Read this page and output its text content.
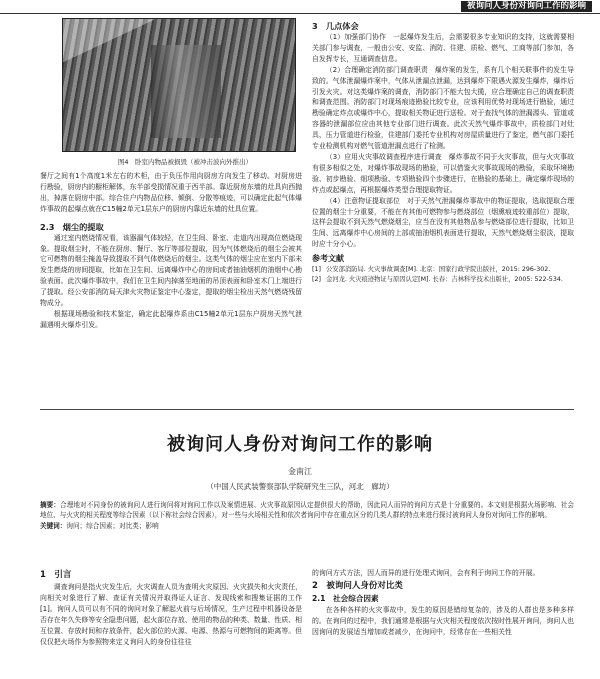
被询问人身份对询问工作的影响
图4　卧室内物品被损毁（被冲击波向外推出）

餐厅之间有1个高度1米左右的木柜，由于负压作用向厨房方向发生了移动。对厨房进行勘验，厨房内的橱柜解体，东半部受损情况重于西半部。靠近厨房东墙的灶具向西抛出，掉落在厨房中部。综合住户内物品位移、倾倒、分散等痕迹，可以确定此起气体爆炸事故的起爆点就在C15幢2单元1层东户的厨房内靠近东墙的灶具位置。

2.3　烟尘的提取

通过室内燃烧情况看，该器漏气体较轻，在卫生间、卧室、走道内出现高位燃烧现象。提取烟尘时，不能在厨房、餐厅、客厅等部位提取，因为气体燃烧后的烟尘会被其它可燃物的烟尘掩盖导致提取不到气体燃烧后的烟尘。这类气体的烟尘应在室内下部未发生燃烧的房间提取，比如在卫生间、远离爆炸中心的房间或者抽油烟机的油烟中心勘验表面。此次爆炸事故中，我们在卫生间内掉落至地面的吊顶表面和卧室木门上端进行了提取。经公安部消防局天津火灾物证鉴定中心鉴定，提取的烟尘检出天然气燃烧残留物成分。

根据现场勘验和技术鉴定，确定此起爆炸系由C15幢2单元1层东户厨房天然气泄漏遇明火爆炸引发。

3　几点体会

（1）加强部门协作　一起爆炸发生后，会需要很多专业知识的支持，这就需要相关部门参与调查，一般由公安、安监、消防、住建、质检、燃气、工商等部门参加，各自发挥专长，互通调查信息。

（2）合理确定消防部门调查职责　爆炸案的发生，系有几个相关联事件的发生导致的。气体泄漏爆炸案中，气体从泄漏点泄漏，达到爆炸下限遇火源发生爆炸，爆炸后引发火灾。对这类爆炸案的调查，消防部门不能大包大揽，应合理确定自己的调查职责和调查范围。消防部门对现场痕迹勘验比较专业，应该利用优势对现场进行勘验，通过勘验确定炸点或爆炸中心，提取相关物证进行送检。对于查找气体的泄漏源头、管道或容器的泄漏部位应由其他专业部门进行调查。此次天然气爆炸事故中，质检部门对灶具、压力管道进行检验，住建部门委托专业机构对房屋质量进行了鉴定，燃气部门委托专业检测机构对燃气管道泄漏点进行了检测。

（3）应用火灾事故调查程序进行调查　爆炸事故不同于火灾事故，但与火灾事故有很多相似之处，对爆炸事故现场的勘验，可以借鉴火灾事故现场的勘验，采取环境勘验、初步勘验、细项勘验、专项勘验四个步骤进行，在勘验的基础上，确定爆炸现场的炸点或起爆点，再根据爆炸类型合理提取物证。

（4）注意物证提取部位　对于天然气泄漏爆炸事故中的物证提取，选取提取合理位置的烟尘十分重要，不能在有其他可燃物参与燃烧部位（烟熏痕迹较重部位）提取，这样会提取不到天然气燃烧烟尘，应当在没有其他物品参与燃烧部位进行提取，比如卫生间、远离爆炸中心房间的上部或抽油烟机表面进行提取，天然气燃烧烟尘很淡，提取时应十分小心。

参考文献

[1] 公安部消防局. 火灾事故调查[M]. 北京：国家行政学院出版社，2015: 296-302.

[2] 金河龙. 火灾痕迹物证与原因认定[M]. 长春：吉林科学技术出版社，2005: 522-534.

被询问人身份对询问工作的影响
金南江
（中国人民武装警察部队学院研究生三队，河北　廊坊）
摘要：合理地对不同身份的被询问人进行询问将对询问工作以及案情进展、火灾事故原因认定提供很大的帮助，因此同人而异的询问方式是十分重要的。本文则是根据火场影响、社会地位、与火灾的相关程度等综合因素（以下称社会综合因素），对一些与火场相关性和依次者询问中存在重点区分的几类人群的特点来进行探讨被询问人身份对询问工作的影响。
关键词：询问；综合因素；对比类；影响
1　引言

调查询问是指火灾发生后，火灾调查人员为查明火灾原因、火灾损失和火灾责任，向相关对象进行了解、查证有关情况并取得证人证言、发现线索和搜集证据的工作[1]。询问人员可以有不同的询问对象了解起火前与后场情况，生产过程中机器设备是否存在年久失修等安全隐患问题，起火部位存放、使用的物品的种类、数量、性质、相互位置、存放时间和存放条件，起火部位的火源、电源、热源与可燃物间的距离等。但仅仅把火场作为参照物来定义询问人的身份往往往

的询问方式方法，因人而异的进行处理式询问，会有利于询问工作的开展。

2　被询问人身份对比类
2.1　社会综合因素

在各种各样的火灾事故中，发生的原因是错综复杂的，涉及的人群也是多种多样的。在询问的过程中，我们通常是根据与火灾相关程度依次按时性展开询问，询问人也因询问的发展适当增加或者减少，在询问中，经常存在一些相关性
